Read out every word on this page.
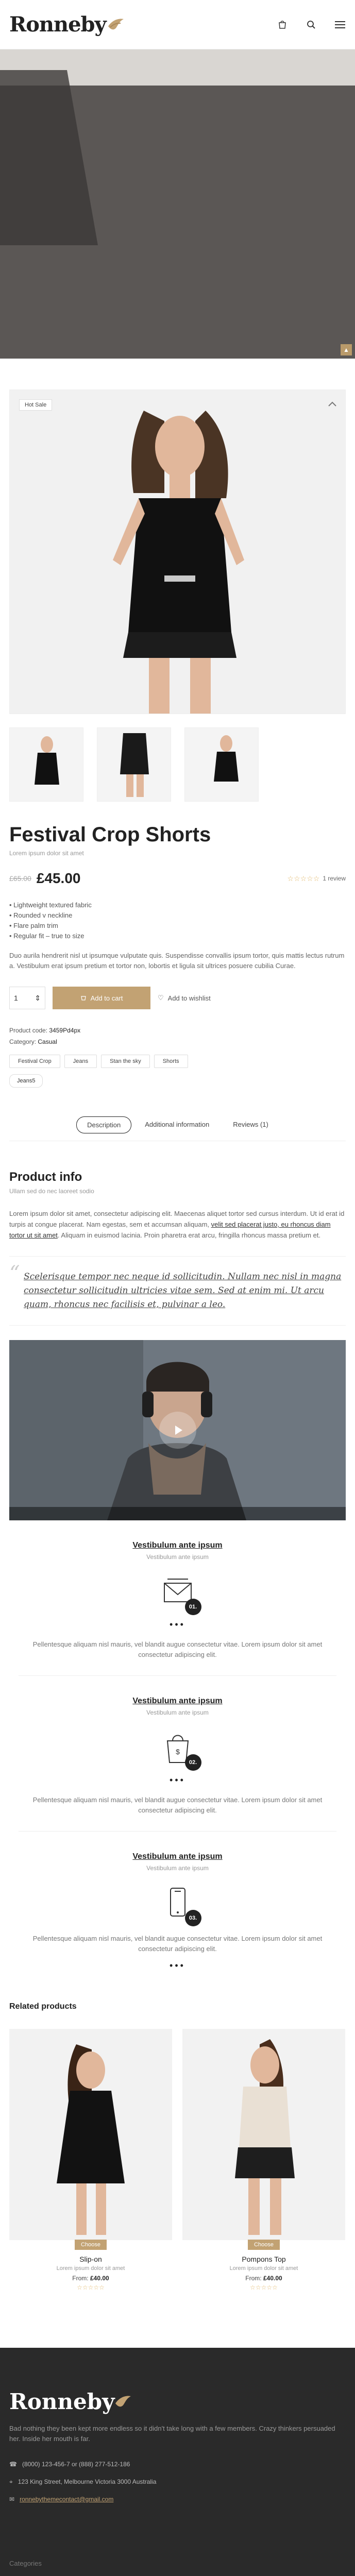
Ronneby
▲
Hot Sale
Festival Crop Shorts
Lorem ipsum dolor sit amet
£65.00 £45.00	☆☆☆☆☆ 1 review
• Lightweight textured fabric
• Rounded v neckline
• Flare palm trim
• Regular fit – true to size

Duo aurila hendrerit nisl ut ipsumque vulputate quis. Suspendisse convallis ipsum tortor, quis mattis lectus rutrum a. Vestibulum erat ipsum pretium et tortor non, lobortis et ligula sit ultrices posuere cubilia Curae.

1 ⇕	Add to cart	♡ Add to wishlist
Product code: 3459Pd4px
Category: Casual
Festival Crop	Jeans	Stan the sky	Shorts
Jeans5
Description	Additional information	Reviews (1)
Product info
Ullam sed do nec laoreet sodio

Lorem ipsum dolor sit amet, consectetur adipiscing elit. Maecenas aliquet tortor sed cursus interdum. Ut id erat id turpis at congue placerat. Nam egestas, sem et accumsan aliquam, velit sed placerat justo, eu rhoncus diam tortor ut sit amet. Aliquam in euismod lacinia. Proin pharetra erat arcu, fringilla rhoncus massa pretium et.

“ Scelerisque tempor nec neque id sollicitudin. Nullam nec nisl in magna consectetur sollicitudin ultricies vitae sem. Sed at enim mi. Ut arcu quam, rhoncus nec facilisis et, pulvinar a leo.
Vestibulum ante ipsum
Vestibulum ante ipsum
01.
•••

Pellentesque aliquam nisl mauris, vel blandit augue consectetur vitae. Lorem ipsum dolor sit amet consectetur adipiscing elit.

Vestibulum ante ipsum
Vestibulum ante ipsum
$
02.
•••

Pellentesque aliquam nisl mauris, vel blandit augue consectetur vitae. Lorem ipsum dolor sit amet consectetur adipiscing elit.

Vestibulum ante ipsum
Vestibulum ante ipsum
03.

Pellentesque aliquam nisl mauris, vel blandit augue consectetur vitae. Lorem ipsum dolor sit amet consectetur adipiscing elit.

•••
Related products
Choose
Slip-on
Lorem ipsum dolor sit amet
From: £40.00
☆☆☆☆☆
Choose
Pompons Top
Lorem ipsum dolor sit amet
From: £40.00
☆☆☆☆☆
Ronneby

Bad nothing they been kept more endless so it didn't take long with a few members. Crazy thinkers persuaded her. Inside her mouth is far.

☎ (8000) 123-456-7 or (888) 277-512-186
⌖ 123 King Street, Melbourne Victoria 3000 Australia
✉ ronnebythemecontact@gmail.com
Categories
